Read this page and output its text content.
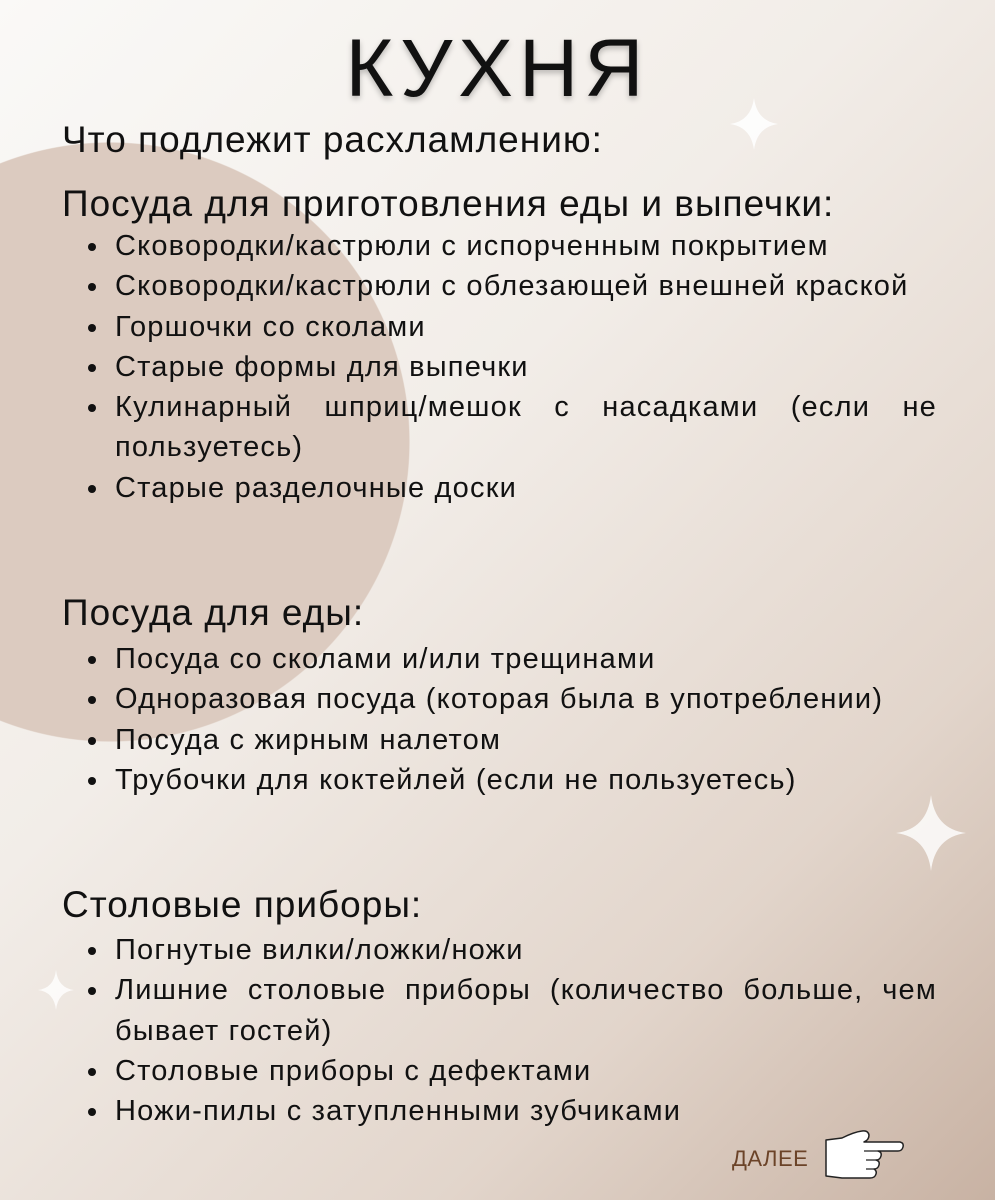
КУХНЯ
Что подлежит расхламлению:
Посуда для приготовления еды и выпечки:
Сковородки/кастрюли с испорченным покрытием
Сковородки/кастрюли с облезающей внешней краской
Горшочки со сколами
Старые формы для выпечки
Кулинарный шприц/мешок с насадками (если не пользуетесь)
Старые разделочные доски
Посуда для еды:
Посуда со сколами и/или трещинами
Одноразовая посуда (которая была в употреблении)
Посуда с жирным налетом
Трубочки для коктейлей (если не пользуетесь)
Столовые приборы:
Погнутые вилки/ложки/ножи
Лишние столовые приборы (количество больше, чем бывает гостей)
Столовые приборы с дефектами
Ножи-пилы с затупленными зубчиками
ДАЛЕЕ
